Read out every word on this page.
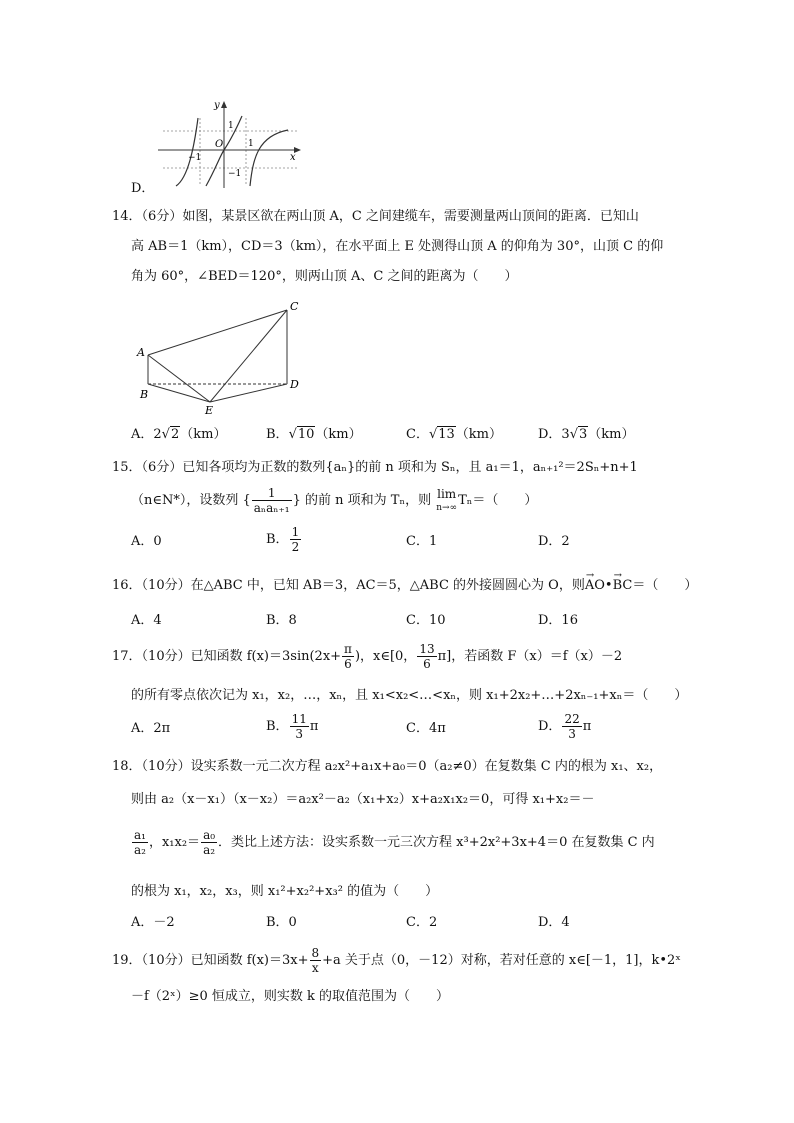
y
x
O
1
1
−1
−1
D．
14．（6分）如图，某景区欲在两山顶 A，C 之间建缆车，需要测量两山顶间的距离．已知山
高 AB＝1（km），CD＝3（km），在水平面上 E 处测得山顶 A 的仰角为 30°，山顶 C 的仰
角为 60°，∠BED＝120°，则两山顶 A、C 之间的距离为（　　）
A
B
C
D
E
A．2√2（km）	B．√10（km）	C．√13（km）	D．3√3（km）
15．（6分）已知各项均为正数的数列{aₙ}的前 n 项和为 Sₙ，且 a₁＝1，aₙ₊₁²＝2Sₙ+n+1
（n∈N*），设数列 { $\frac{1}{\text{aₙaₙ₊₁}}$ } 的前 n 项和为 Tₙ，则 lim
n→∞ Tₙ＝（　　）
A．0	B． $\frac{1}{2}$	C．1	D．2
16．（10分）在△ABC 中，已知 AB＝3，AC＝5，△ABC 的外接圆圆心为 O，则→ AO•→ BC＝（　　）
A．4	B．8	C．10	D．16
17．（10分）已知函数 $f(x)=3\sin(2x+ \frac{\pi}{6}$ )，x∈[0， $\frac{13}{6} \pi$]，若函数 F（x）＝f（x）－2
的所有零点依次记为 x₁，x₂，…，xₙ，且 x₁<x₂<…<xₙ，则 x₁+2x₂+…+2xₙ₋₁+xₙ＝（　　）
A．2π	B． $\frac{11}{3}$ π	C．4π	D． $\frac{22}{3}$ π
18．（10分）设实系数一元二次方程 a₂x²+a₁x+a₀＝0（a₂≠0）在复数集 C 内的根为 x₁、x₂，
则由 a₂（x－x₁）（x－x₂）＝a₂x²－a₂（x₁+x₂）x+a₂x₁x₂＝0，可得 x₁+x₂＝－
$\frac{\text{a₁}}{\text{a₂}}$ ，$x_1x_2= \frac{\text{a₀}}{\text{a₂}}$ ．类比上述方法：设实系数一元三次方程 x³+2x²+3x+4＝0 在复数集 C 内
的根为 x₁，x₂，x₃，则 x₁²+x₂²+x₃² 的值为（　　）
A．－2	B．0	C．2	D．4
19．（10分）已知函数 $f(x)=3x+ \frac{8}{x} +a$ 关于点（0，－12）对称，若对任意的 x∈[－1，1]，k•2ˣ
－f（2ˣ）≥0 恒成立，则实数 k 的取值范围为（　　）
